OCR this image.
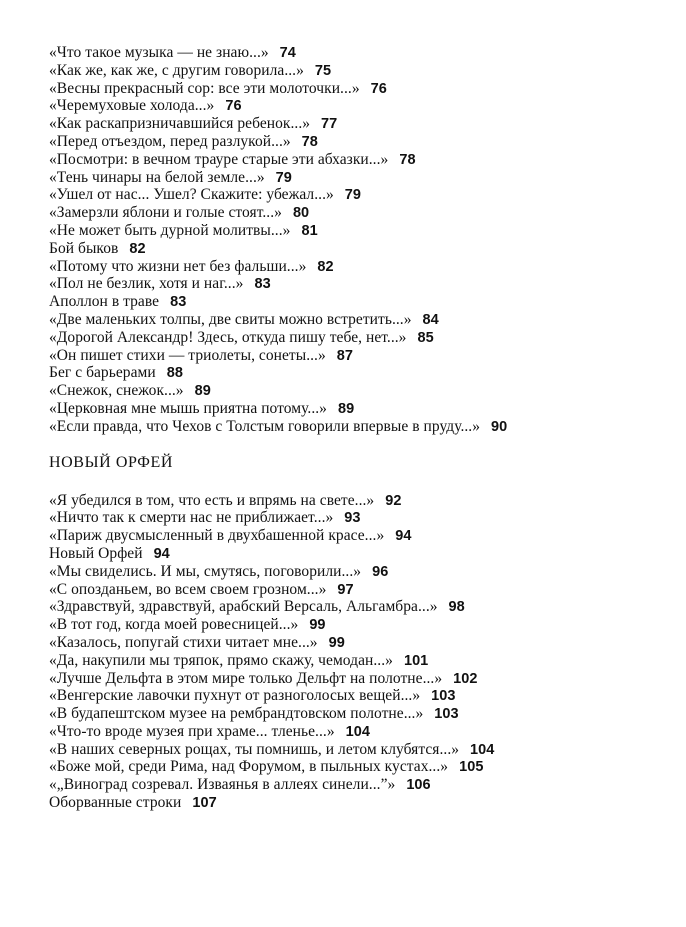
«Что такое музыка — не знаю...» 74
«Как же, как же, с другим говорила...» 75
«Весны прекрасный сор: все эти молоточки...» 76
«Черемуховые холода...» 76
«Как раскапризничавшийся ребенок...» 77
«Перед отъездом, перед разлукой...» 78
«Посмотри: в вечном трауре старые эти абхазки...» 78
«Тень чинары на белой земле...» 79
«Ушел от нас... Ушел? Скажите: убежал...» 79
«Замерзли яблони и голые стоят...» 80
«Не может быть дурной молитвы...» 81
Бой быков 82
«Потому что жизни нет без фальши...» 82
«Пол не безлик, хотя и наг...» 83
Аполлон в траве 83
«Две маленьких толпы, две свиты можно встретить...» 84
«Дорогой Александр! Здесь, откуда пишу тебе, нет...» 85
«Он пишет стихи — триолеты, сонеты...» 87
Бег с барьерами 88
«Снежок, снежок...» 89
«Церковная мне мышь приятна потому...» 89
«Если правда, что Чехов с Толстым говорили впервые в пруду...» 90
НОВЫЙ ОРФЕЙ
«Я убедился в том, что есть и впрямь на свете...» 92
«Ничто так к смерти нас не приближает...» 93
«Париж двусмысленный в двухбашенной красе...» 94
Новый Орфей 94
«Мы свиделись. И мы, смутясь, поговорили...» 96
«С опозданьем, во всем своем грозном...» 97
«Здравствуй, здравствуй, арабский Версаль, Альгамбра...» 98
«В тот год, когда моей ровесницей...» 99
«Казалось, попугай стихи читает мне...» 99
«Да, накупили мы тряпок, прямо скажу, чемодан...» 101
«Лучше Дельфта в этом мире только Дельфт на полотне...» 102
«Венгерские лавочки пухнут от разноголосых вещей...» 103
«В будапештском музее на рембрандтовском полотне...» 103
«Что-то вроде музея при храме... тленье...» 104
«В наших северных рощах, ты помнишь, и летом клубятся...» 104
«Боже мой, среди Рима, над Форумом, в пыльных кустах...» 105
«„Виноград созревал. Изваянья в аллеях синели...”» 106
Оборванные строки 107
